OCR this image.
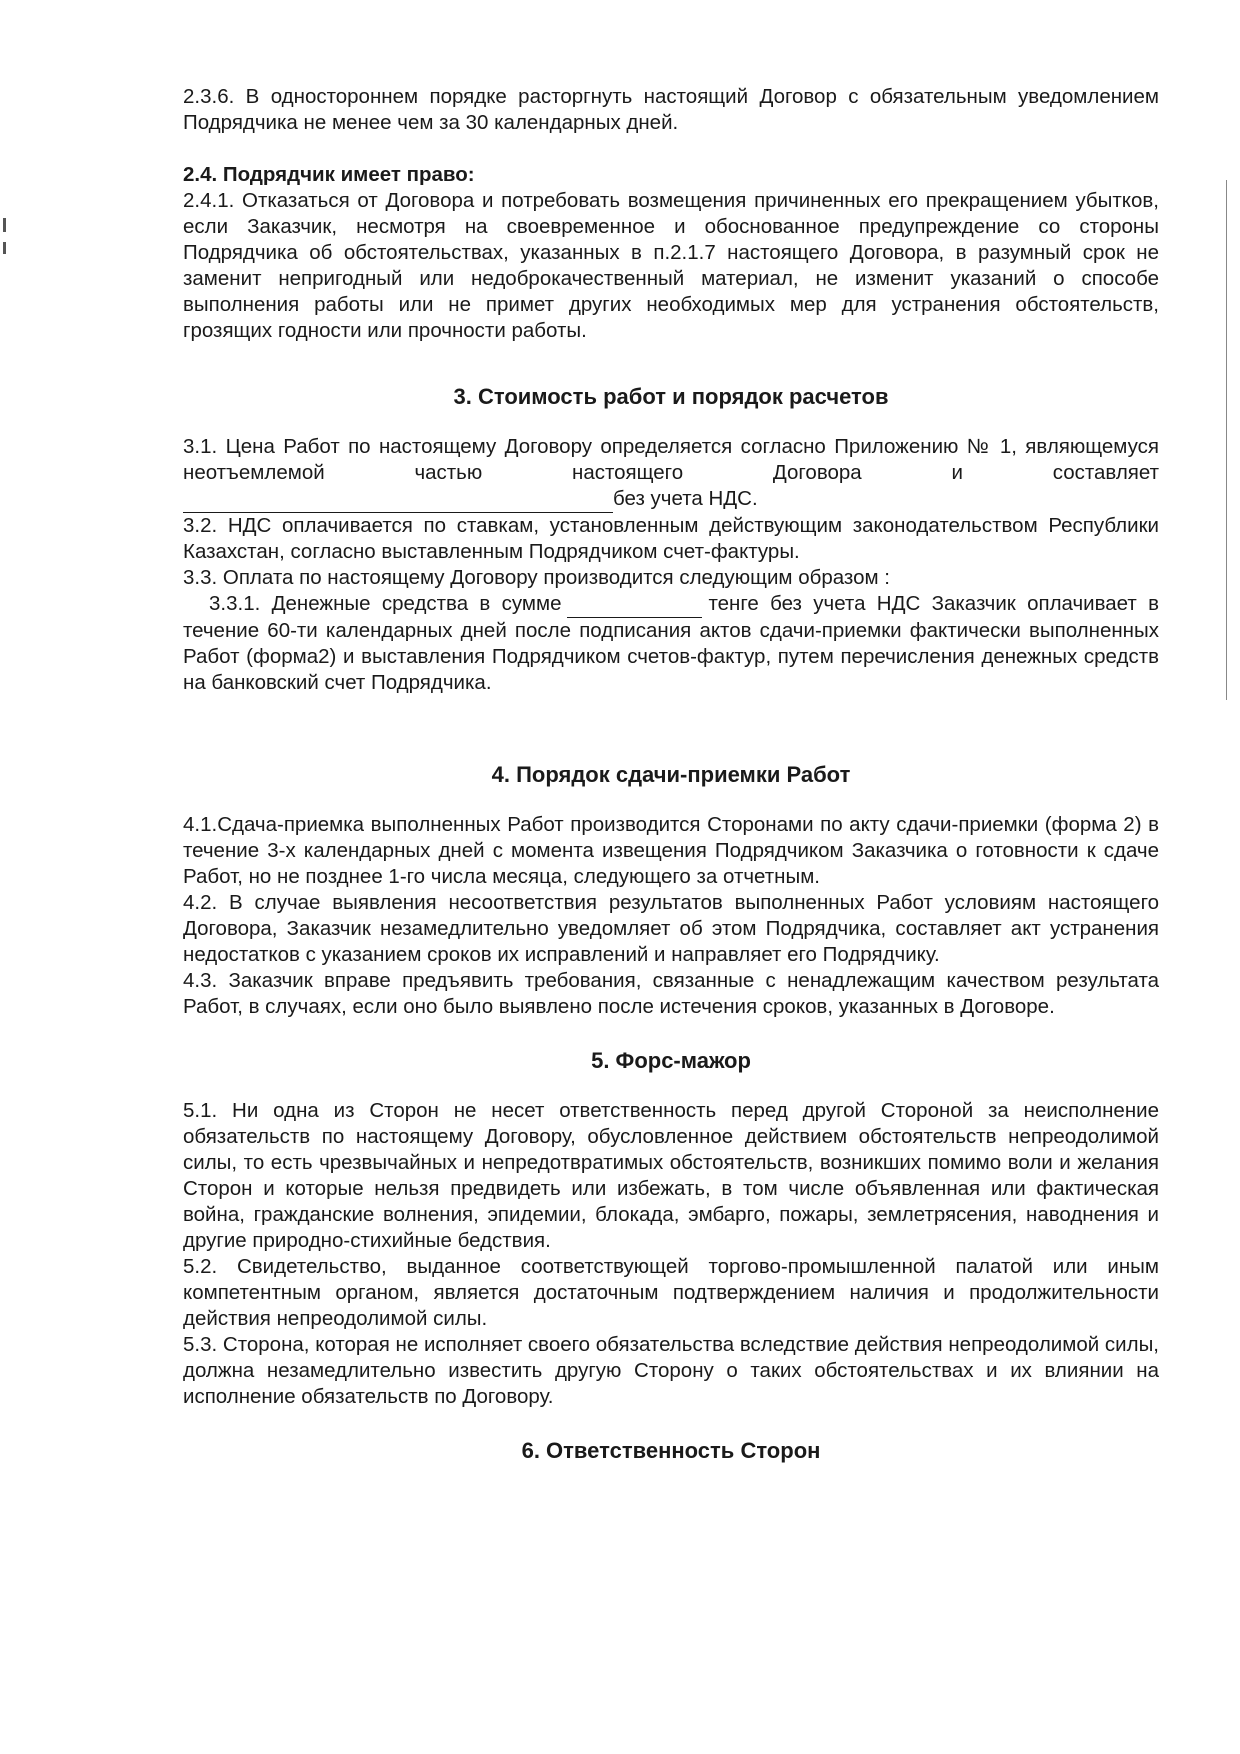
2.3.6. В одностороннем порядке расторгнуть настоящий Договор с обязательным уведомлением Подрядчика не менее чем за 30 календарных дней.

2.4. Подрядчик имеет право:

2.4.1. Отказаться от Договора и потребовать возмещения причиненных его прекращением убытков, если Заказчик, несмотря на своевременное и обоснованное предупреждение со стороны Подрядчика об обстоятельствах, указанных в п.2.1.7 настоящего Договора, в разумный срок не заменит непригодный или недоброкачественный материал, не изменит указаний о способе выполнения работы или не примет других необходимых мер для устранения обстоятельств, грозящих годности или прочности работы.

3. Стоимость работ и порядок расчетов

3.1. Цена Работ по настоящему Договору определяется согласно Приложению № 1, являющемуся неотъемлемой частью настоящего Договора и составляет

без учета НДС.

3.2. НДС оплачивается по ставкам, установленным действующим законодательством Республики Казахстан, согласно выставленным Подрядчиком счет-фактуры.

3.3. Оплата по настоящему Договору производится следующим образом :

3.3.1. Денежные средства в сумме	тенге без учета НДС Заказчик оплачивает в течение 60-ти календарных дней после подписания актов сдачи-приемки фактически выполненных Работ (форма2) и выставления Подрядчиком счетов-фактур, путем перечисления денежных средств на банковский счет Подрядчика.

4. Порядок сдачи-приемки Работ

4.1.Сдача-приемка выполненных Работ производится Сторонами по акту сдачи-приемки (форма 2) в течение 3-х календарных дней с момента извещения Подрядчиком Заказчика о готовности к сдаче Работ, но не позднее 1-го числа месяца, следующего за отчетным.

4.2. В случае выявления несоответствия результатов выполненных Работ условиям настоящего Договора, Заказчик незамедлительно уведомляет об этом Подрядчика, составляет акт устранения недостатков с указанием сроков их исправлений и направляет его Подрядчику.

4.3. Заказчик вправе предъявить требования, связанные с ненадлежащим качеством результата Работ, в случаях, если оно было выявлено после истечения сроков, указанных в Договоре.

5. Форс-мажор

5.1. Ни одна из Сторон не несет ответственность перед другой Стороной за неисполнение обязательств по настоящему Договору, обусловленное действием обстоятельств непреодолимой силы, то есть чрезвычайных и непредотвратимых обстоятельств, возникших помимо воли и желания Сторон и которые нельзя предвидеть или избежать, в том числе объявленная или фактическая война, гражданские волнения, эпидемии, блокада, эмбарго, пожары, землетрясения, наводнения и другие природно-стихийные бедствия.

5.2. Свидетельство, выданное соответствующей торгово-промышленной палатой или иным компетентным органом, является достаточным подтверждением наличия и продолжительности действия непреодолимой силы.

5.3. Сторона, которая не исполняет своего обязательства вследствие действия непреодолимой силы, должна незамедлительно известить другую Сторону о таких обстоятельствах и их влиянии на исполнение обязательств по Договору.

6. Ответственность Сторон
